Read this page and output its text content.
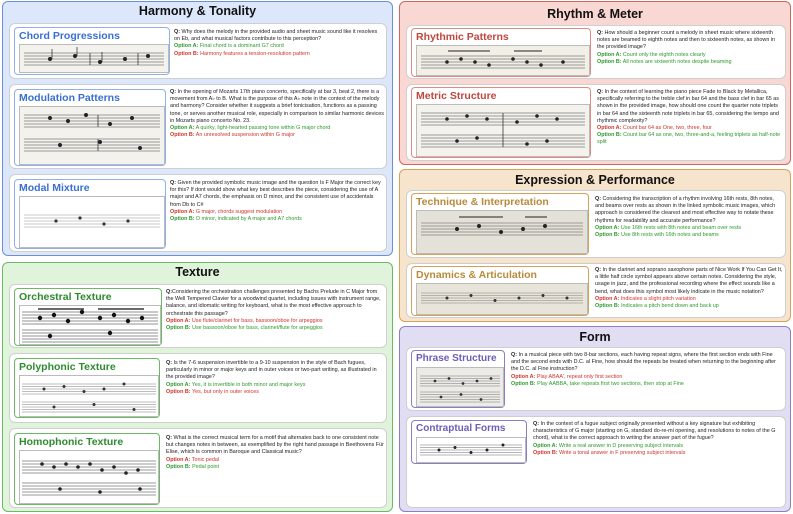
Harmony & Tonality
Chord Progressions	Q: Why does the melody in the provided audio and sheet music sound like it resolves on Eb, and what musical factors contribute to this perception?
Option A: Final chord is a dominant G7 chord
Option B: Harmony features a tension-resolution pattern
Modulation Patterns	Q: In the opening of Mozarts 17th piano concerto, specifically at bar 3, beat 2, there is a movement from A♭ to B. What is the purpose of this A♭ note in the context of the melody and harmony? Consider whether it suggests a brief tonicisation, functions as a passing tone, or serves another musical role, especially in comparison to similar harmonic devices in Mozarts piano concerto No. 23.
Option A: A quirky, light-hearted passing tone within G major chord
Option B: An unresolved suspension within G major
Modal Mixture	Q: Given the provided symbolic music image and the question Is F Major the correct key for this? If dont would show what key best describes the piece, considering the use of A major and A7 chords, the emphasis on D minor, and the consistent use of accidentals from Db to C#
Option A: G major, chords suggest modulation
Option B: D minor, indicated by A major and A7 chords
Texture
Orchestral Texture	Q:Considering the orchestration challenges presented by Bachs Prelude in C Major from the Well Tempered Clavier for a woodwind quartet, including issues with instrument range, balance, and idiomatic writing for keyboard, what is the most effective approach to orchestrate this passage?
Option A: Use flute/clarinet for bass, bassoon/oboe for arpeggios
Option B: Use bassoon/oboe for bass, clarinet/flute for arpeggios
Polyphonic Texture	Q: Is the 7-6 suspension invertible to a 9-10 suspension in the style of Bach fugues, particularly in minor or major keys and in outer voices or two-part writing, as illustrated in the provided image?
Option A: Yes, it is invertible in both minor and major keys
Option B: Yes, but only in outer voices
Homophonic Texture	Q: What is the correct musical term for a motif that alternates back to one consistent note but changes notes in between, as exemplified by the right hand passage in Beethovens Für Elise, which is common in Baroque and Classical music?
Option A: Tonic pedal
Option B: Pedal point
Rhythm & Meter
Rhythmic Patterns	Q: How should a beginner count a melody in sheet music where sixteenth notes are beamed to eighth notes and then to sixteenth notes, as shown in the provided image?
Option A: Count only the eighth notes clearly
Option B: All notes are sixteenth notes despite beaming
Metric Structure	Q: In the context of learning the piano piece Fade to Black by Metallica, specifically referring to the treble clef in bar 64 and the bass clef in bar 65 as shown in the provided image, how should one count the quarter note triplets in bar 64 and the sixteenth note triplets in bar 65, considering the tempo and rhythmic complexity?
Option A: Count bar 64 as One, two, three, four
Option B: Count bar 64 as one, two, three-and-a, feeling triplets as half-note split
Expression & Performance
Technique & Interpretation	Q: Considering the transcription of a rhythm involving 16th rests, 8th notes, and beams over rests as shown in the linked symbolic music images, which approach is considered the clearest and most effective way to notate these rhythms for readability and accurate performance?
Option A: Use 16th rests with 8th notes and beam over rests
Option B: Use 8th rests with 16th notes and beams
Dynamics & Articulation	Q: In the clarinet and soprano saxophone parts of Nice Work If You Can Get It, a little half circle symbol appears above certain notes. Considering the style, usage in jazz, and the professional recording where the effect sounds like a bend, what does this symbol most likely indicate in the music notation?
Option A: Indicates a slight pitch variation
Option B: Indicates a pitch bend down and back up
Form
Phrase Structure	Q: In a musical piece with two 8-bar sections, each having repeat signs, where the first section ends with Fine and the second ends with D.C. al Fine, how should the repeats be treated when returning to the beginning after the D.C. al Fine instruction?
Option A: Play ABAA', repeat only first section
Option B: Play AABBA, take repeats first two sections, then stop at Fine
Contraptual Forms	Q: In the context of a fugue subject originally presented without a key signature but exhibiting characteristics of G major (starting on G, standard do-re-mi opening, and resolutions to notes of the G chord), what is the correct approach to writing the answer part of the fugue?
Option A: Write a real answer in D preserving subject intervals
Option B: Write a tonal answer in F preserving subject intervals
